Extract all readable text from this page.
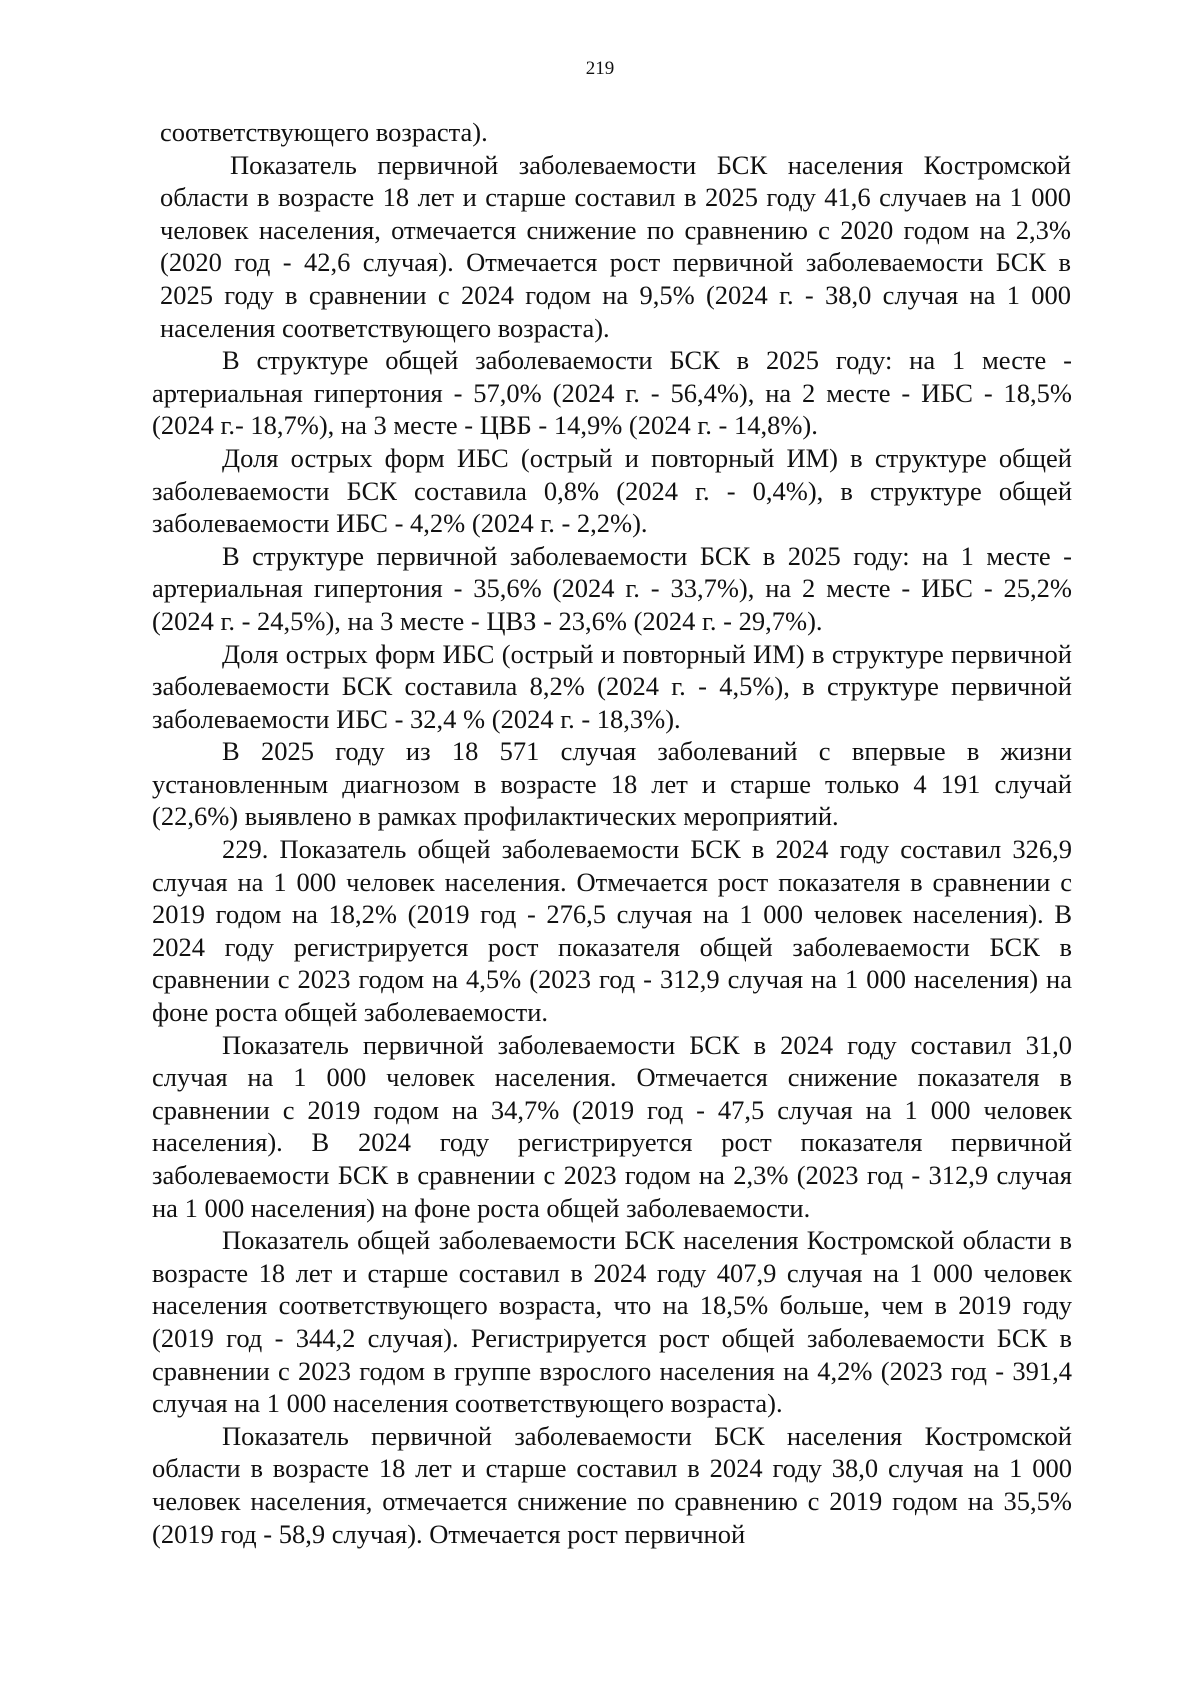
219

соответствующего возраста).

Показатель первичной заболеваемости БСК населения Костромской области в возрасте 18 лет и старше составил в 2025 году 41,6 случаев на 1 000 человек населения, отмечается снижение по сравнению с 2020 годом на 2,3% (2020 год - 42,6 случая). Отмечается рост первичной заболеваемости БСК в 2025 году в сравнении с 2024 годом на 9,5% (2024 г. - 38,0 случая на 1 000 населения соответствующего возраста).

В структуре общей заболеваемости БСК в 2025 году: на 1 месте - артериальная гипертония - 57,0% (2024 г. - 56,4%), на 2 месте - ИБС - 18,5% (2024 г.- 18,7%), на 3 месте - ЦВБ - 14,9% (2024 г. - 14,8%).

Доля острых форм ИБС (острый и повторный ИМ) в структуре общей заболеваемости БСК составила 0,8% (2024 г. - 0,4%), в структуре общей заболеваемости ИБС - 4,2% (2024 г. - 2,2%).

В структуре первичной заболеваемости БСК в 2025 году: на 1 месте - артериальная гипертония - 35,6% (2024 г. - 33,7%), на 2 месте - ИБС - 25,2% (2024 г. - 24,5%), на 3 месте - ЦВЗ - 23,6% (2024 г. - 29,7%).

Доля острых форм ИБС (острый и повторный ИМ) в структуре первичной заболеваемости БСК составила 8,2% (2024 г. - 4,5%), в структуре первичной заболеваемости ИБС - 32,4 % (2024 г. - 18,3%).

В 2025 году из 18 571 случая заболеваний с впервые в жизни установленным диагнозом в возрасте 18 лет и старше только 4 191 случай (22,6%) выявлено в рамках профилактических мероприятий.

229. Показатель общей заболеваемости БСК в 2024 году составил 326,9 случая на 1 000 человек населения. Отмечается рост показателя в сравнении с 2019 годом на 18,2% (2019 год - 276,5 случая на 1 000 человек населения). В 2024 году регистрируется рост показателя общей заболеваемости БСК в сравнении с 2023 годом на 4,5% (2023 год - 312,9 случая на 1 000 населения) на фоне роста общей заболеваемости.

Показатель первичной заболеваемости БСК в 2024 году составил 31,0 случая на 1 000 человек населения. Отмечается снижение показателя в сравнении с 2019 годом на 34,7% (2019 год - 47,5 случая на 1 000 человек населения). В 2024 году регистрируется рост показателя первичной заболеваемости БСК в сравнении с 2023 годом на 2,3% (2023 год - 312,9 случая на 1 000 населения) на фоне роста общей заболеваемости.

Показатель общей заболеваемости БСК населения Костромской области в возрасте 18 лет и старше составил в 2024 году 407,9 случая на 1 000 человек населения соответствующего возраста, что на 18,5% больше, чем в 2019 году (2019 год - 344,2 случая). Регистрируется рост общей заболеваемости БСК в сравнении с 2023 годом в группе взрослого населения на 4,2% (2023 год - 391,4 случая на 1 000 населения соответствующего возраста).

Показатель первичной заболеваемости БСК населения Костромской области в возрасте 18 лет и старше составил в 2024 году 38,0 случая на 1 000 человек населения, отмечается снижение по сравнению с 2019 годом на 35,5% (2019 год - 58,9 случая). Отмечается рост первичной
